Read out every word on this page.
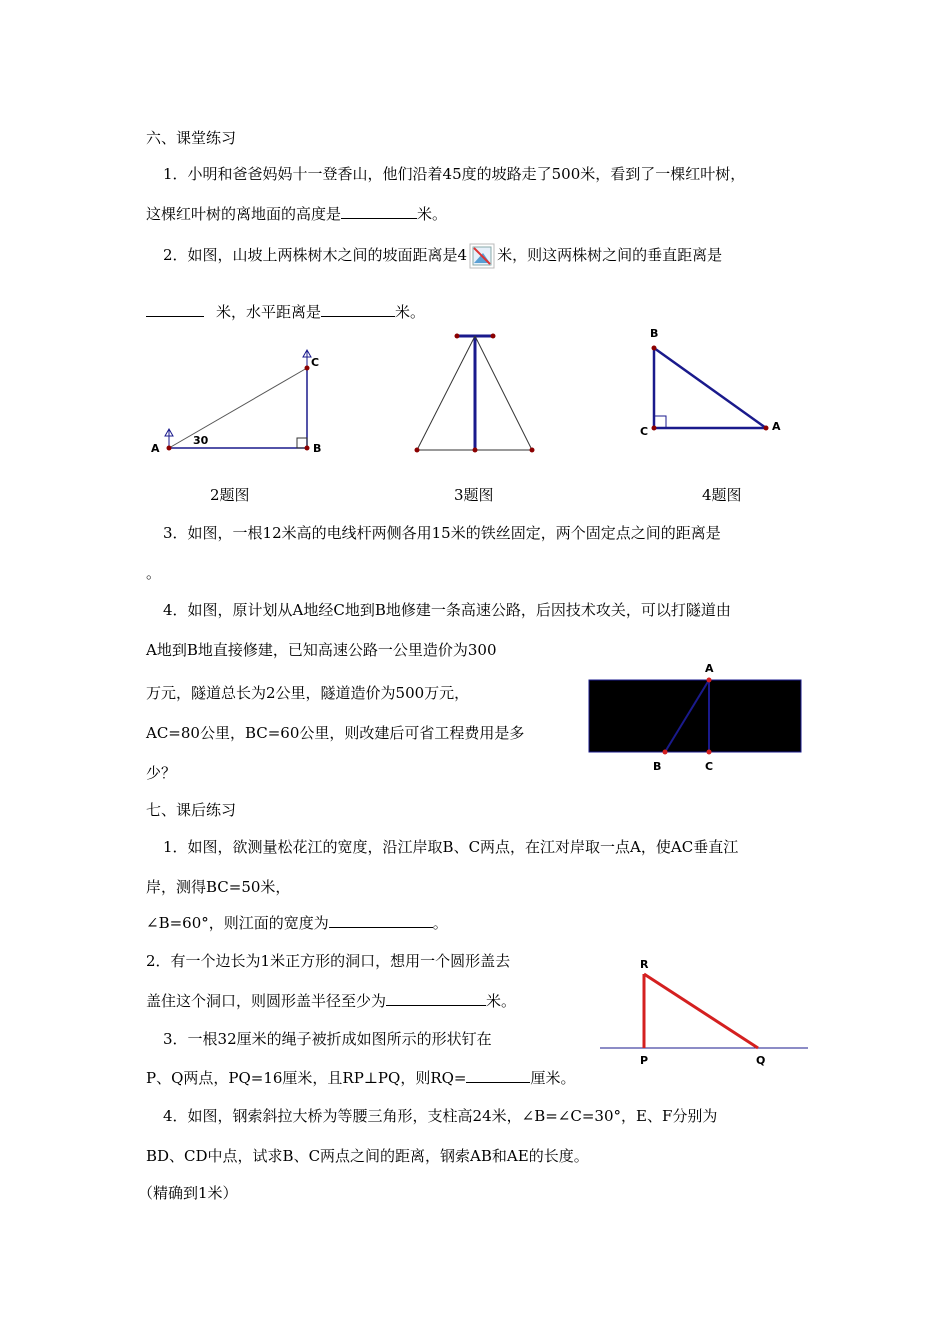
六、课堂练习
1．小明和爸爸妈妈十一登香山，他们沿着45度的坡路走了500米，看到了一棵红叶树，
这棵红叶树的离地面的高度是	米。
2．如图，山坡上两株树木之间的坡面距离是4 米，则这两株树之间的垂直距离是
米，水平距离是	米。
A	B
C
30
B
C	A
2题图	3题图	4题图
3．如图，一根12米高的电线杆两侧各用15米的铁丝固定，两个固定点之间的距离是
。
4．如图，原计划从A地经C地到B地修建一条高速公路，后因技术攻关，可以打隧道由
A地到B地直接修建，已知高速公路一公里造价为300
万元，隧道总长为2公里，隧道造价为500万元，
AC=80公里，BC=60公里，则改建后可省工程费用是多
少？
A
B	C
七、课后练习
1．如图，欲测量松花江的宽度，沿江岸取B、C两点，在江对岸取一点A，使AC垂直江
岸，测得BC=50米，
∠B=60°，则江面的宽度为	。
2．有一个边长为1米正方形的洞口，想用一个圆形盖去
盖住这个洞口，则圆形盖半径至少为	米。
3．一根32厘米的绳子被折成如图所示的形状钉在
P、Q两点，PQ=16厘米，且RP⊥PQ，则RQ=	厘米。
R
P	Q
4．如图，钢索斜拉大桥为等腰三角形，支柱高24米，∠B=∠C=30°，E、F分别为
BD、CD中点，试求B、C两点之间的距离，钢索AB和AE的长度。
（精确到1米）
